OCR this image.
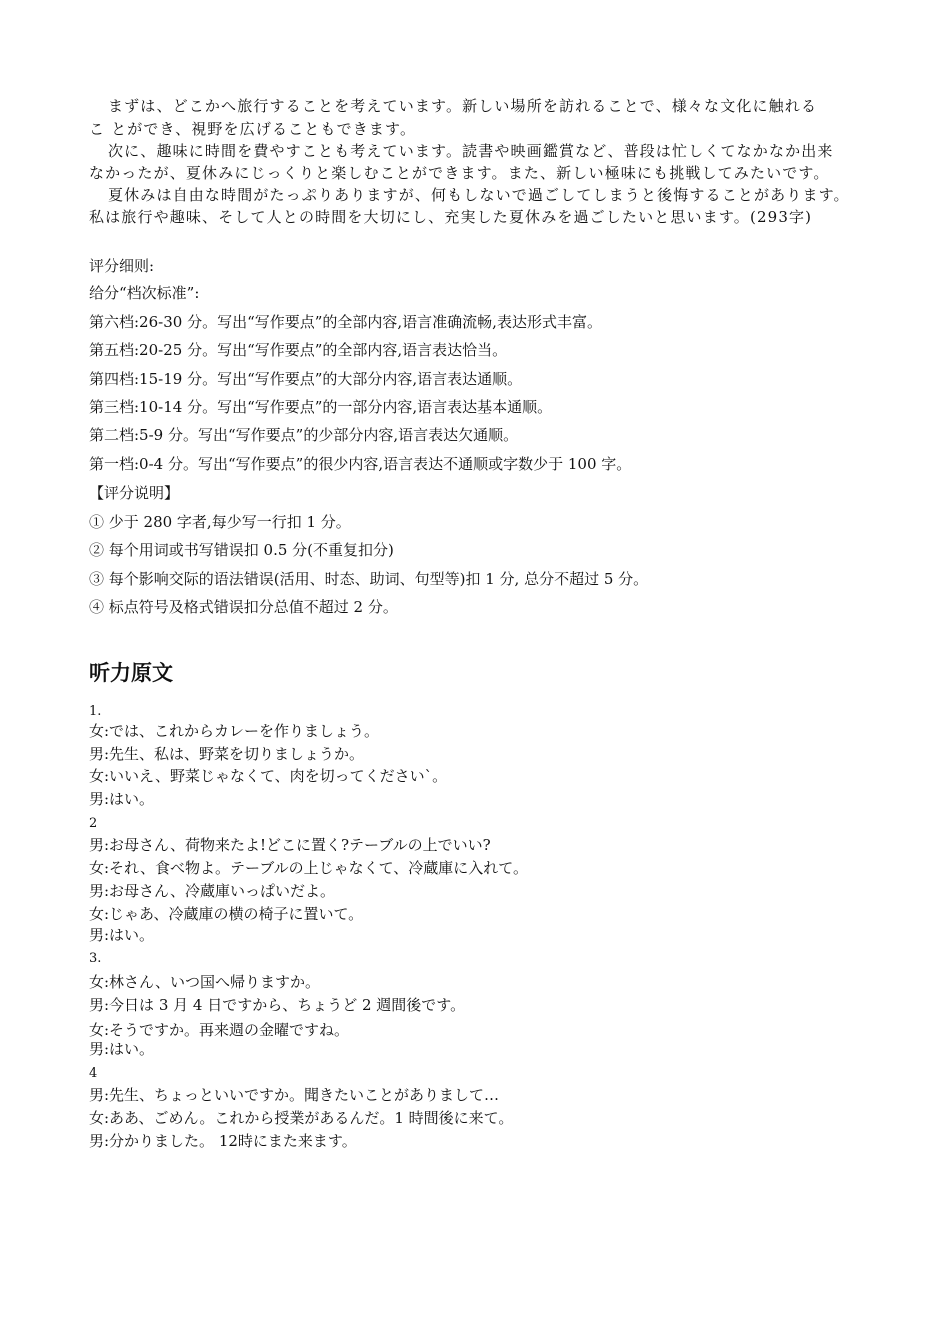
まずは、どこかへ旅行することを考えています。新しい場所を訪れることで、様々な文化に触れる
こ とができ、視野を広げることもできます。
次に、趣味に時間を費やすことも考えています。読書や映画鑑賞など、普段は忙しくてなかなか出来
なかったが、夏休みにじっくりと楽しむことができます。また、新しい極味にも挑戦してみたいです。
夏休みは自由な時間がたっぷりありますが、何もしないで過ごしてしまうと後悔することがあります。
私は旅行や趣味、そして人との時間を大切にし、充実した夏休みを過ごしたいと思います。(293字)
评分细则:
给分“档次标准”:
第六档:26-30 分。写出“写作要点”的全部内容,语言准确流畅,表达形式丰富。
第五档:20-25 分。写出“写作要点”的全部内容,语言表达恰当。
第四档:15-19 分。写出“写作要点”的大部分内容,语言表达通顺。
第三档:10-14 分。写出“写作要点”的一部分内容,语言表达基本通顺。
第二档:5-9 分。写出“写作要点”的少部分内容,语言表达欠通顺。
第一档:0-4 分。写出“写作要点”的很少内容,语言表达不通顺或字数少于 100 字。
【评分说明】
① 少于 280 字者,每少写一行扣 1 分。
② 每个用词或书写错误扣 0.5 分(不重复扣分)
③ 每个影响交际的语法错误(活用、时态、助词、句型等)扣 1 分, 总分不超过 5 分。
④ 标点符号及格式错误扣分总值不超过 2 分。
听力原文
1.
女:では、これからカレーを作りましょう。
男:先生、私は、野菜を切りましょうか。
女:いいえ、野菜じゃなくて、肉を切ってください`。
男:はい。
2
男:お母さん、荷物来たよ!どこに置く?テーブルの上でいい?
女:それ、食べ物よ。テーブルの上じゃなくて、冷蔵庫に入れて。
男:お母さん、冷蔵庫いっぱいだよ。
女:じゃあ、冷蔵庫の横の椅子に置いて。
男:はい。
3.
女:林さん、いつ国へ帰りますか。
男:今日は 3 月 4 日ですから、ちょうど 2 週間後です。
女:そうですか。再来週の金曜ですね。
男:はい。
4
男:先生、ちょっといいですか。聞きたいことがありまして…
女:ああ、ごめん。これから授業があるんだ。1 時間後に来て。
男:分かりました。 12時にまた来ます。
